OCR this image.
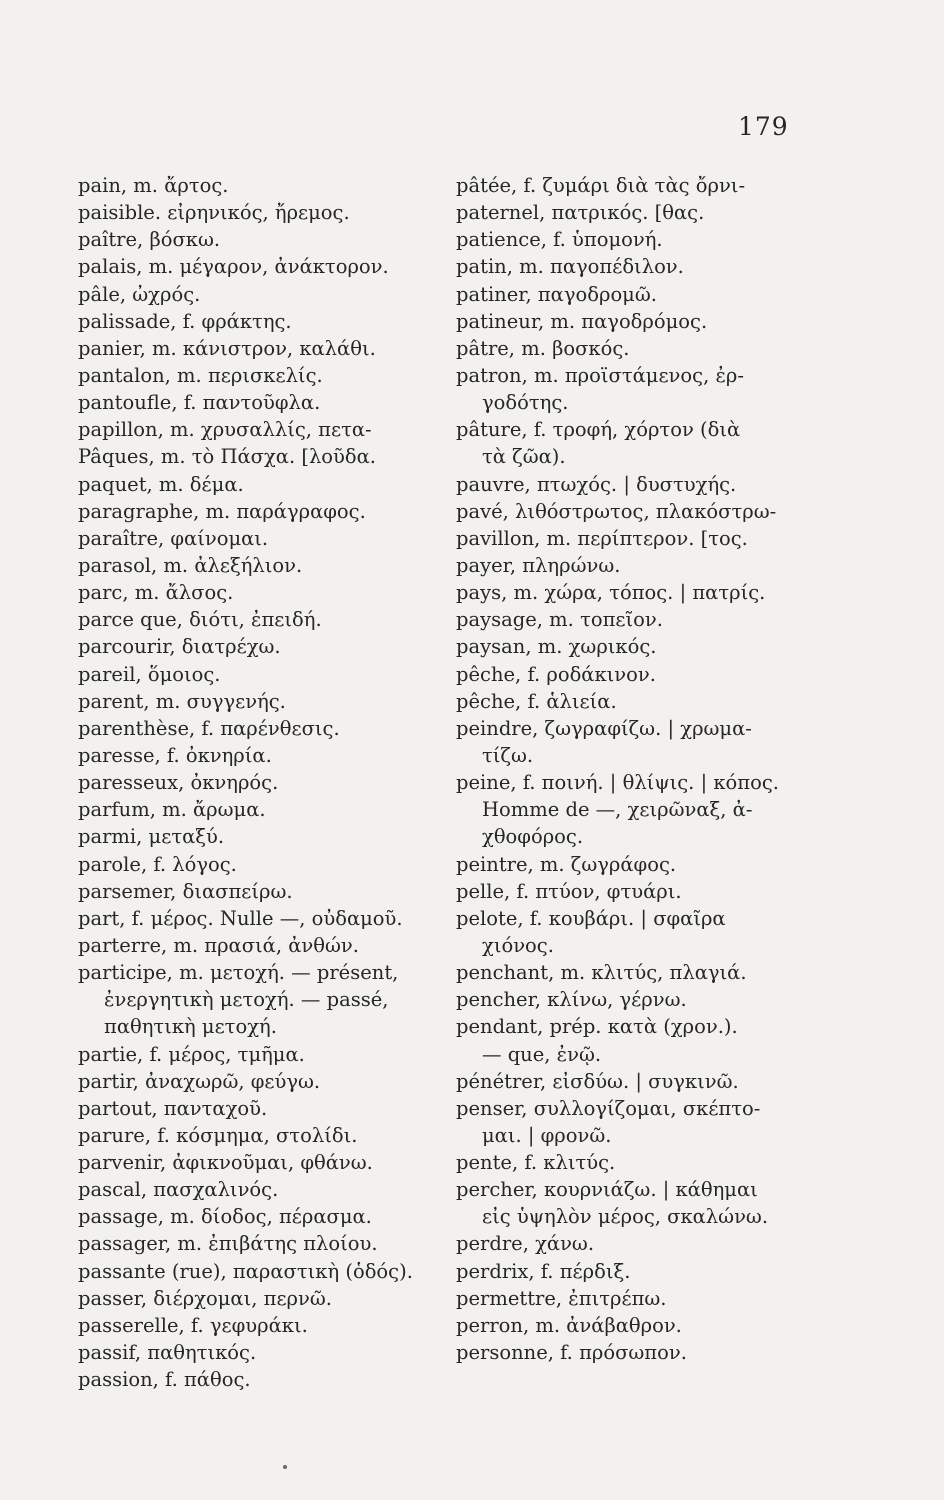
179
pain, m. ἄρτος.
paisible. εἰρηνικός, ἤρεμος.
paître, βόσκω.
palais, m. μέγαρον, ἀνάκτορον.
pâle, ὠχρός.
palissade, f. φράκτης.
panier, m. κάνιστρον, καλάθι.
pantalon, m. περισκελίς.
pantoufle, f. παντοῦφλα.
papillon, m. χρυσαλλίς, πετα-
Pâques, m. τὸ Πάσχα. [λοῦδα.
paquet, m. δέμα.
paragraphe, m. παράγραφος.
paraître, φαίνομαι.
parasol, m. ἀλεξήλιον.
parc, m. ἄλσος.
parce que, διότι, ἐπειδή.
parcourir, διατρέχω.
pareil, ὅμοιος.
parent, m. συγγενής.
parenthèse, f. παρένθεσις.
paresse, f. ὀκνηρία.
paresseux, ὀκνηρός.
parfum, m. ἄρωμα.
parmi, μεταξύ.
parole, f. λόγος.
parsemer, διασπείρω.
part, f. μέρος. Nulle —, οὐδαμοῦ.
parterre, m. πρασιά, ἀνθών.
participe, m. μετοχή. — présent,
ἐνεργητικὴ μετοχή. — passé,
παθητικὴ μετοχή.
partie, f. μέρος, τμῆμα.
partir, ἀναχωρῶ, φεύγω.
partout, πανταχοῦ.
parure, f. κόσμημα, στολίδι.
parvenir, ἀφικνοῦμαι, φθάνω.
pascal, πασχαλινός.
passage, m. δίοδος, πέρασμα.
passager, m. ἐπιβάτης πλοίου.
passante (rue), παραστικὴ (ὁδός).
passer, διέρχομαι, περνῶ.
passerelle, f. γεφυράκι.
passif, παθητικός.
passion, f. πάθος.
pâtée, f. ζυμάρι διὰ τὰς ὄρνι-
paternel, πατρικός. [θας.
patience, f. ὑπομονή.
patin, m. παγοπέδιλον.
patiner, παγοδρομῶ.
patineur, m. παγοδρόμος.
pâtre, m. βοσκός.
patron, m. προϊστάμενος, ἐρ-
γοδότης.
pâture, f. τροφή, χόρτον (διὰ
τὰ ζῶα).
pauvre, πτωχός. | δυστυχής.
pavé, λιθόστρωτος, πλακόστρω-
pavillon, m. περίπτερον. [τος.
payer, πληρώνω.
pays, m. χώρα, τόπος. | πατρίς.
paysage, m. τοπεῖον.
paysan, m. χωρικός.
pêche, f. ροδάκινον.
pêche, f. ἁλιεία.
peindre, ζωγραφίζω. | χρωμα-
τίζω.
peine, f. ποινή. | θλίψις. | κόπος.
Homme de —, χειρῶναξ, ἀ-
χθοφόρος.
peintre, m. ζωγράφος.
pelle, f. πτύον, φτυάρι.
pelote, f. κουβάρι. | σφαῖρα
χιόνος.
penchant, m. κλιτύς, πλαγιά.
pencher, κλίνω, γέρνω.
pendant, prép. κατὰ (χρον.).
— que, ἐνῷ.
pénétrer, εἰσδύω. | συγκινῶ.
penser, συλλογίζομαι, σκέπτο-
μαι. | φρονῶ.
pente, f. κλιτύς.
percher, κουρνιάζω. | κάθημαι
εἰς ὑψηλὸν μέρος, σκαλώνω.
perdre, χάνω.
perdrix, f. πέρδιξ.
permettre, ἐπιτρέπω.
perron, m. ἀνάβαθρον.
personne, f. πρόσωπον.
